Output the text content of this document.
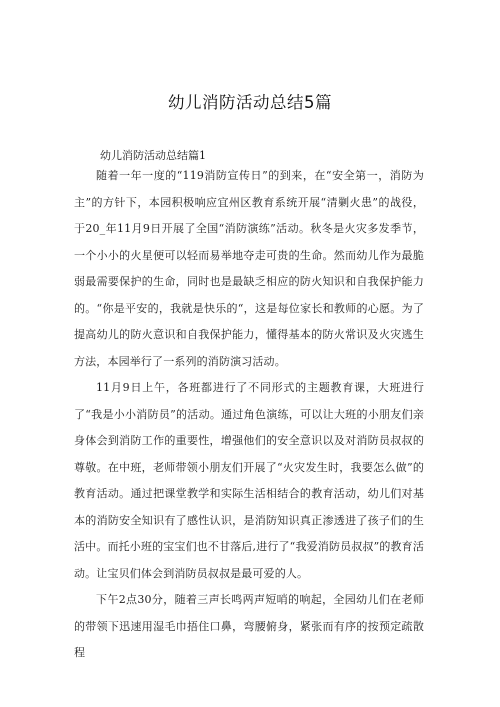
幼儿消防活动总结5篇

幼儿消防活动总结篇1

随着一年一度的“119消防宣传日”的到来，在“安全第一，消防为主”的方针下，本园积极响应宜州区教育系统开展“清剿火患”的战役，于20_年11月9日开展了全国“消防演练”活动。秋冬是火灾多发季节，一个小小的火星便可以轻而易举地夺走可贵的生命。然而幼儿作为最脆弱最需要保护的生命，同时也是最缺乏相应的防火知识和自我保护能力的。“你是平安的，我就是快乐的“，这是每位家长和教师的心愿。为了提高幼儿的防火意识和自我保护能力，懂得基本的防火常识及火灾逃生方法，本园举行了一系列的消防演习活动。

11月9日上午，各班都进行了不同形式的主题教育课，大班进行了“我是小小消防员”的活动。通过角色演练，可以让大班的小朋友们亲身体会到消防工作的重要性，增强他们的安全意识以及对消防员叔叔的尊敬。在中班，老师带领小朋友们开展了“火灾发生时，我要怎么做”的教育活动。通过把课堂教学和实际生活相结合的教育活动，幼儿们对基本的消防安全知识有了感性认识，是消防知识真正渗透进了孩子们的生活中。而托小班的宝宝们也不甘落后,进行了“我爱消防员叔叔”的教育活动。让宝贝们体会到消防员叔叔是最可爱的人。

下午2点30分，随着三声长鸣两声短哨的响起，全园幼儿们在老师的带领下迅速用湿毛巾捂住口鼻，弯腰俯身，紧张而有序的按预定疏散程
